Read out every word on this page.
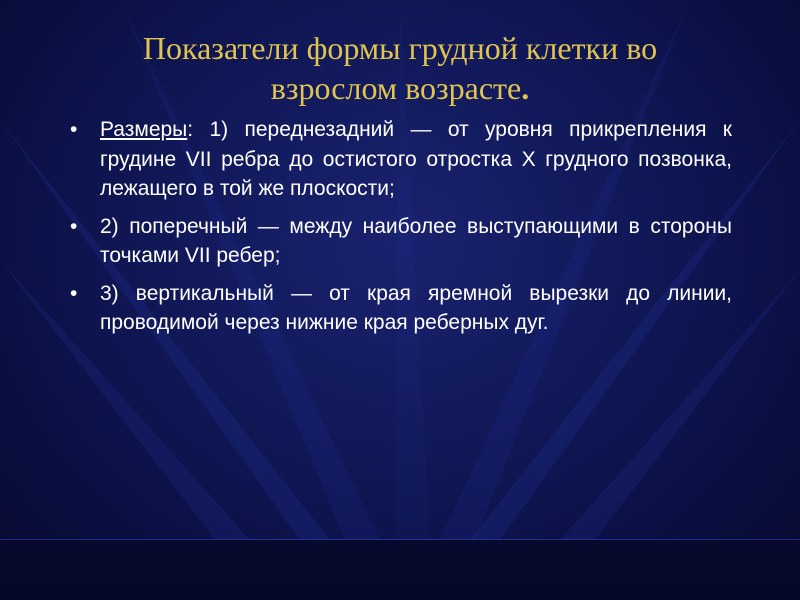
Показатели формы грудной клетки во
взрослом возрасте.
• Размеры: 1) переднезадний — от уровня прикрепления к грудине VII ребра до остистого отростка X грудного позвонка, лежащего в той же плоскости;
• 2) поперечный — между наиболее выступающими в стороны точками VII ребер;
• 3) вертикальный — от края яремной вырезки до линии, проводимой через нижние края реберных дуг.
